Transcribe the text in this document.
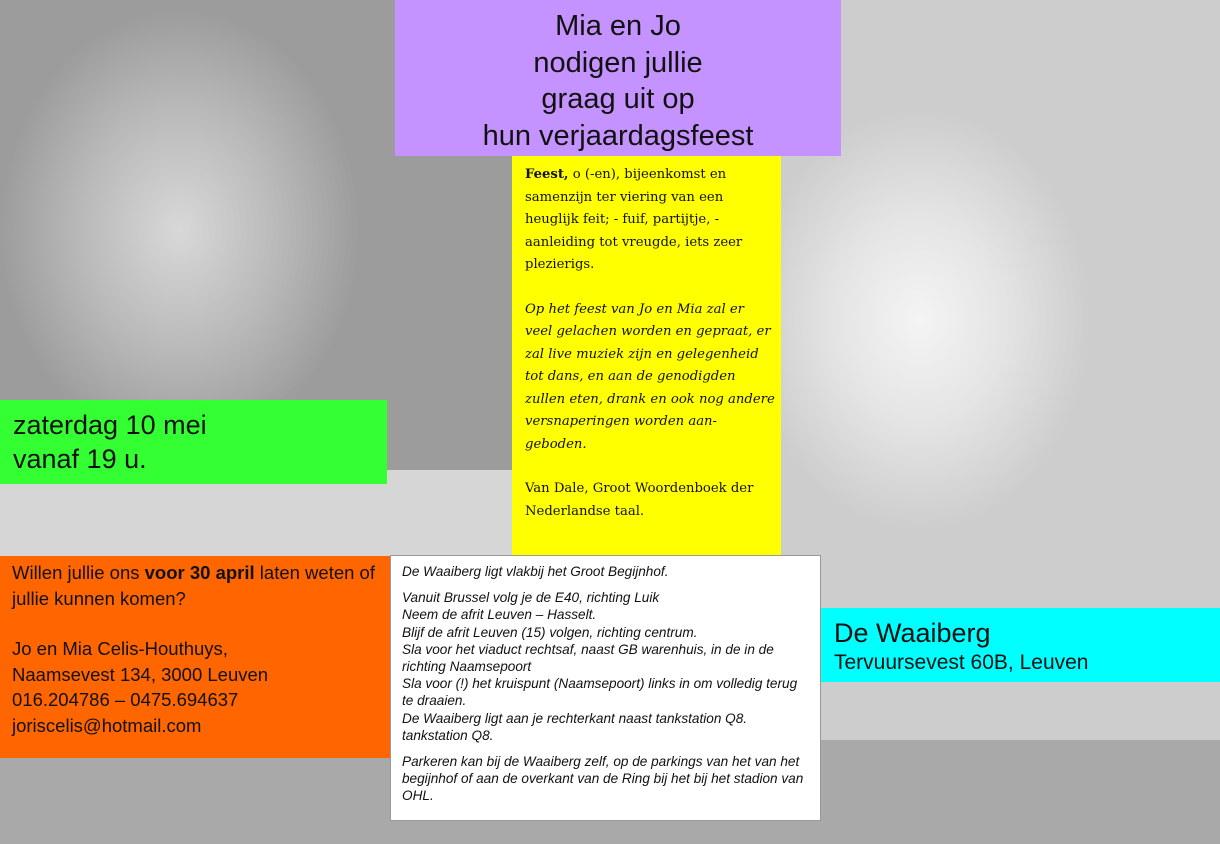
Mia en Jo
nodigen jullie
graag uit op
hun verjaardagsfeest

Feest, o (-en), bijeenkomst en samenzijn ter viering van een heuglijk feit; - fuif, partijtje, - aanleiding tot vreugde, iets zeer plezierigs.

Op het feest van Jo en Mia zal er veel gelachen worden en gepraat, er zal live muziek zijn en gelegenheid tot dans, en aan de genodigden zullen eten, drank en ook nog andere versnaperingen worden aan-geboden.

Van Dale, Groot Woordenboek der Nederlandse taal.

zaterdag 10 mei
vanaf 19 u.

Willen jullie ons voor 30 april laten weten of jullie kunnen komen?

Jo en Mia Celis-Houthuys,
Naamsevest 134, 3000 Leuven
016.204786 – 0475.694637
joriscelis@hotmail.com

De Waaiberg ligt vlakbij het Groot Begijnhof.

Vanuit Brussel volg je de E40, richting Luik
Neem de afrit Leuven – Hasselt.
Blijf de afrit Leuven (15) volgen, richting centrum.
Sla voor het viaduct rechtsaf, naast GB warenhuis, in de in de richting Naamsepoort
Sla voor (!) het kruispunt (Naamsepoort) links in om volledig terug te draaien.
De Waaiberg ligt aan je rechterkant naast tankstation Q8. tankstation Q8.

Parkeren kan bij de Waaiberg zelf, op de parkings van het van het begijnhof of aan de overkant van de Ring bij het bij het stadion van OHL.

De Waaiberg
Tervuursevest 60B, Leuven
